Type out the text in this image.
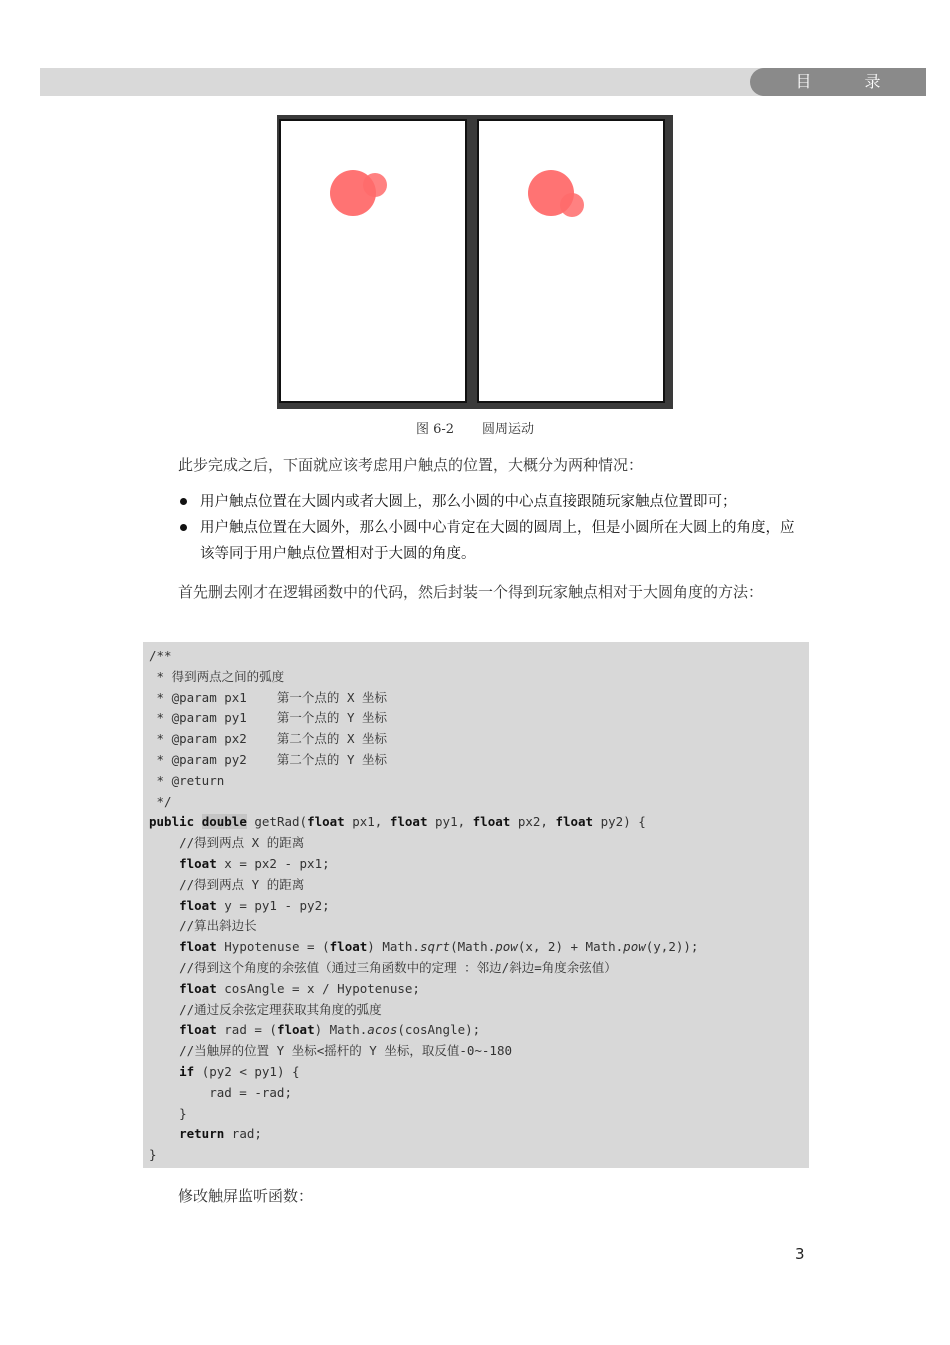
目 录
图 6-2 圆周运动
此步完成之后，下面就应该考虑用户触点的位置，大概分为两种情况：
用户触点位置在大圆内或者大圆上，那么小圆的中心点直接跟随玩家触点位置即可；
用户触点位置在大圆外，那么小圆中心肯定在大圆的圆周上，但是小圆所在大圆上的角度，应该等同于用户触点位置相对于大圆的角度。
首先删去刚才在逻辑函数中的代码，然后封装一个得到玩家触点相对于大圆角度的方法：
/**
* 得到两点之间的弧度
* @param px1    第一个点的 X 坐标
* @param py1    第一个点的 Y 坐标
* @param px2    第二个点的 X 坐标
* @param py2    第二个点的 Y 坐标
* @return
*/
public double getRad(float px1, float py1, float px2, float py2) {
//得到两点 X 的距离
float x = px2 - px1;
//得到两点 Y 的距离
float y = py1 - py2;
//算出斜边长
float Hypotenuse = (float) Math.sqrt(Math.pow(x, 2) + Math.pow(y,2));
//得到这个角度的余弦值（通过三角函数中的定理 ：邻边/斜边=角度余弦值）
float cosAngle = x / Hypotenuse;
//通过反余弦定理获取其角度的弧度
float rad = (float) Math.acos(cosAngle);
//当触屏的位置 Y 坐标<摇杆的 Y 坐标，取反值-0~-180
if (py2 < py1) {
rad = -rad;
}
return rad;
}
修改触屏监听函数：
3
